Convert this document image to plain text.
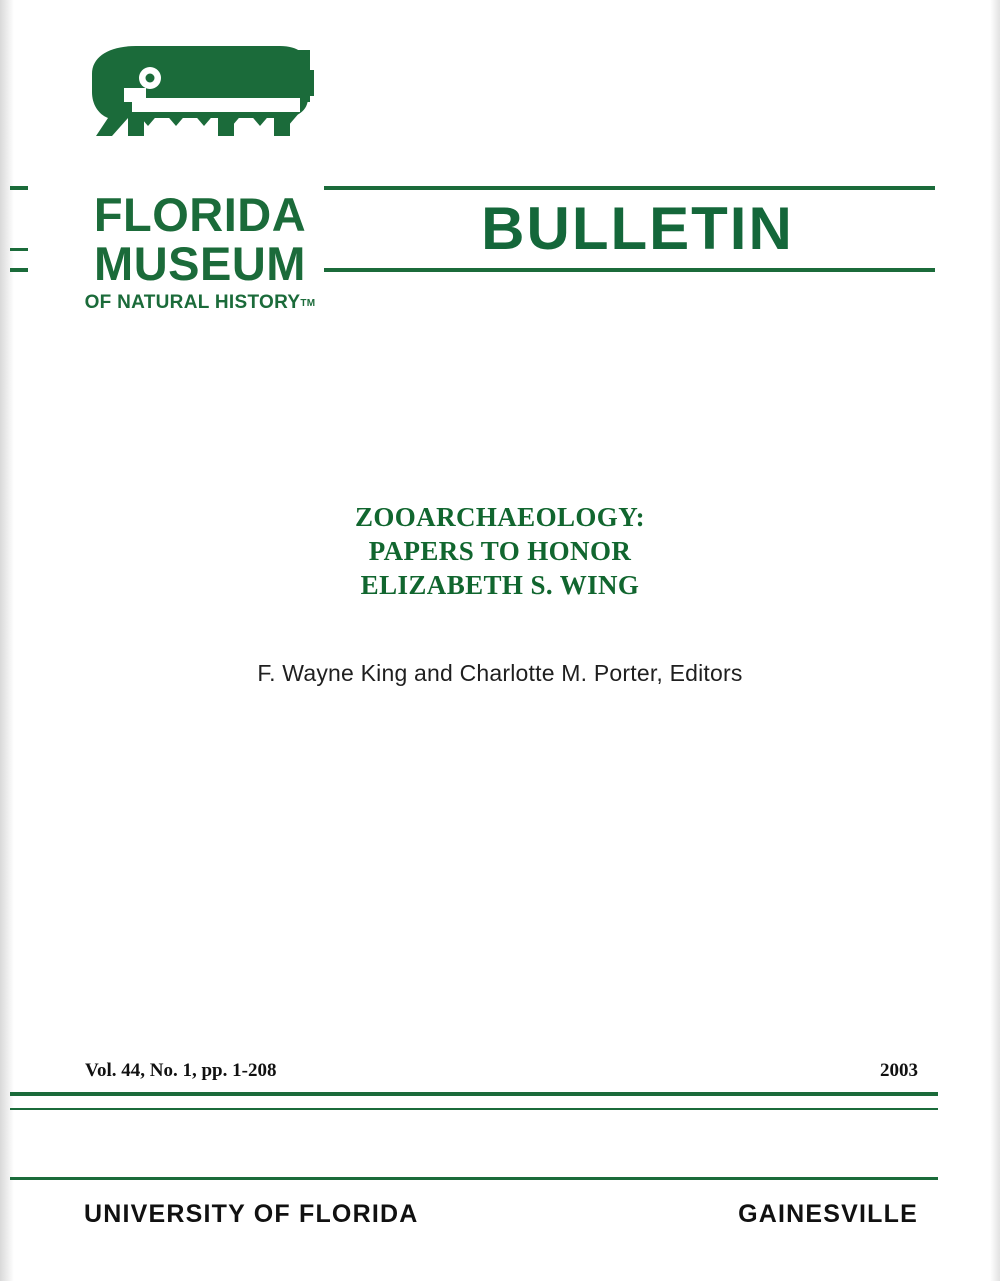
FLORIDA
MUSEUM
OF NATURAL HISTORYTM
BULLETIN
ZOOARCHAEOLOGY:
PAPERS TO HONOR
ELIZABETH S. WING
F. Wayne King and Charlotte M. Porter, Editors
Vol. 44, No. 1, pp. 1-208	2003
UNIVERSITY OF FLORIDA	GAINESVILLE
